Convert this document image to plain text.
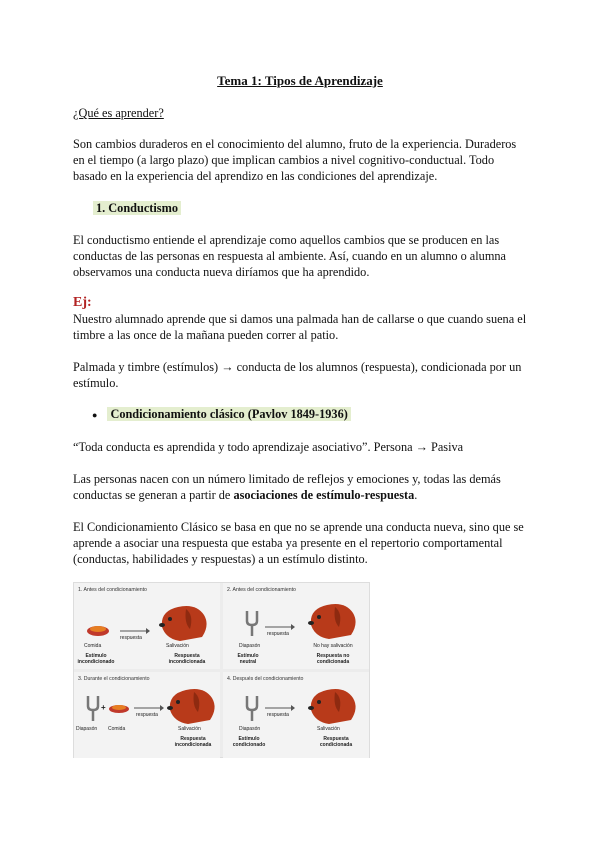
Tema 1: Tipos de Aprendizaje

¿Qué es aprender?

Son cambios duraderos en el conocimiento del alumno, fruto de la experiencia. Duraderos en el tiempo (a largo plazo) que implican cambios a nivel cognitivo-conductual. Todo basado en la experiencia del aprendizo en las condiciones del aprendizaje.

1. Conductismo

El conductismo entiende el aprendizaje como aquellos cambios que se producen en las conductas de las personas en respuesta al ambiente. Así, cuando en un alumno o alumna observamos una conducta nueva diríamos que ha aprendido.

Ej:

Nuestro alumnado aprende que si damos una palmada han de callarse o que cuando suena el timbre a las once de la mañana pueden correr al patio.

Palmada y timbre (estímulos) → conducta de los alumnos (respuesta), condicionada por un estímulo.

● Condicionamiento clásico (Pavlov 1849-1936)

“Toda conducta es aprendida y todo aprendizaje asociativo”. Persona → Pasiva

Las personas nacen con un número limitado de reflejos y emociones y, todas las demás conductas se generan a partir de asociaciones de estímulo-respuesta.

El Condicionamiento Clásico se basa en que no se aprende una conducta nueva, sino que se aprende a asociar una respuesta que estaba ya presente en el repertorio comportamental (conductas, habilidades y respuestas) a un estímulo distinto.

1. Antes del condicionamiento
Comida
respuesta
Salivación
Estímulo incondicionado
Respuesta incondicionada
2. Antes del condicionamiento
Diapasón
respuesta
No hay salivación
Estímulo neutral
Respuesta no condicionada
3. Durante el condicionamiento
+
Diapasón Comida
respuesta
Salivación
Respuesta incondicionada
4. Después del condicionamiento
Diapasón
respuesta
Salivación
Estímulo condicionado
Respuesta condicionada
